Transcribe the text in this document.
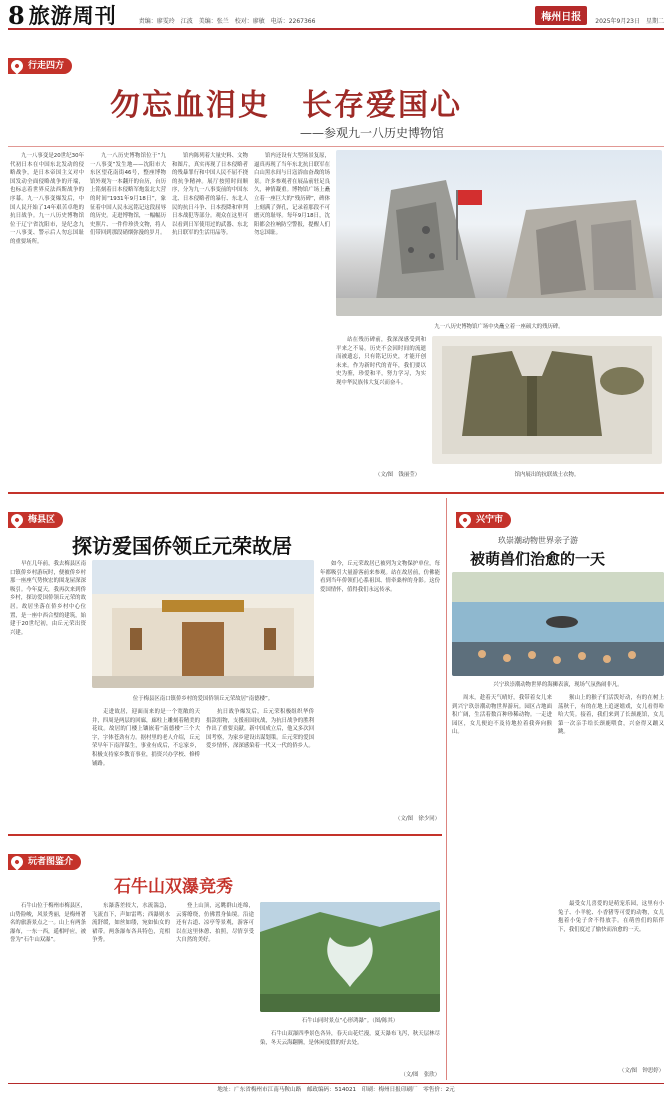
8 旅游周刊	责编：廖雯玲　江波　美编：张兰　校对：廖敏　电话：2267366	梅州日报	2025年9月23日　星期二
行走四方
勿忘血泪史　长存爱国心
——参观九一八历史博物馆
九一八事变是20世纪30年代初日本在中国东北发动的侵略战争，是日本帝国主义对中国发动全面侵略战争的开端，也标志着世界反法西斯战争的序幕。九一八事变爆发后，中国人民开始了14年艰苦卓绝的抗日战争。九一八历史博物馆位于辽宁省沈阳市，是纪念九一八事变、警示后人勿忘国耻的重要场所。
九一八历史博物馆位于“九一八事变”发生地——沈阳市大东区望花南街46号，整座博物馆外观为一本翻开的台历，台历上铭刻着日本侵略军炮轰北大营的时间“1931年9月18日”，象征着中国人民永远铭记这段屈辱的历史。走进博物馆，一幅幅历史照片、一件件珍贵文物，将人们带回到那段硝烟弥漫的岁月。
馆内陈列着大量史料、文物和图片，真实再现了日本侵略者的残暴罪行和中国人民不屈不挠的抗争精神。展厅按照时间顺序，分为九一八事变前的中国东北、日本侵略者的暴行、东北人民的抗日斗争、日本投降和审判日本战犯等部分。观众在这里可以看到日军使用过的武器、东北抗日联军的生活用品等。
馆内还设有大型场景复原，逼真再现了当年东北抗日联军在白山黑水间与日寇浴血奋战的场景。许多参观者在展品前驻足良久，神情凝重。博物馆广场上矗立着一座巨大的“残历碑”，碑体上刻满了弹孔，记录着那段不可磨灭的耻辱。每年9月18日，沈阳都会拉响防空警报，提醒人们勿忘国耻。
九一八历史博物馆广场中央矗立着一座硕大的残历碑。
站在残历碑前，我深深感受到和平来之不易。历史不会因时间的流逝而被遗忘，只有铭记历史，才能开创未来。作为新时代的青年，我们要以史为鉴，珍爱和平，努力学习，为实现中华民族伟大复兴而奋斗。
（文/图　钱丽莹）	馆内展出的抗联战士衣物。
梅县区
探访爱国侨领丘元荣故居
早在几年前，我去梅县区南口镇侨乡村游玩时，便被侨乡村那一座座气势恢宏的围龙屋深深吸引。今年夏天，我再次来到侨乡村，探访爱国侨领丘元荣的故居。故居坐落在侨乡村中心位置，是一座中西合璧的建筑，始建于20世纪初，由丘元荣出资兴建。
位于梅县区南口镇侨乡村的爱国侨领丘元荣故居“南德楼”。
走进故居，迎面而来的是一个宽敞的天井，四周是两层的回廊，廊柱上雕刻着精美的花纹。故居的门楼上镶嵌着“南德楼”三个大字，字体苍劲有力。据村里的老人介绍，丘元荣早年下南洋谋生，事业有成后，不忘家乡，积极支持家乡教育事业，捐资兴办学校、修桥铺路。
抗日战争爆发后，丘元荣积极组织华侨捐款捐物，支援祖国抗战，为抗日战争的胜利作出了重要贡献。新中国成立后，他又多次回国考察，为家乡建设出谋划策。丘元荣的爱国爱乡情怀，深深感染着一代又一代的侨乡人。
如今，丘元荣故居已被列为文物保护单位，每年都吸引大量游客前来参观。站在故居前，仿佛能看到当年侨领们心系祖国、情牵桑梓的身影。这份爱国情怀，值得我们永远传承。
（文/图　徐少同）
兴宁市
玖崇潮动物世界亲子游
被萌兽们治愈的一天
兴宁玖崇潮动物世界的海狮表演，现场气氛热闹非凡。
周末，趁着天气晴好，我带着女儿来到兴宁玖崇潮动物世界游玩。园区占地面积广阔，生活着数百种珍稀动物。一走进园区，女儿便迫不及待地拉着我奔向猴山。
猴山上的猴子们活泼好动，有的在树上荡秋千，有的在地上追逐嬉戏，女儿看得哈哈大笑。接着，我们来到了长颈鹿馆，女儿第一次亲手给长颈鹿喂食，兴奋得又蹦又跳。
最受女儿喜爱的是萌宠乐园，这里有小兔子、小羊驼、小香猪等可爱的动物，女儿抱着小兔子舍不得放手。在萌兽们的陪伴下，我们度过了愉快而治愈的一天。
（文/图　钟思婷）
玩者图鉴介
石牛山双瀑竞秀
石牛山位于梅州市梅县区，山势险峻，风景秀丽，是梅州著名的旅游景点之一。山上有两条瀑布，一东一西，遥相呼应，被誉为“石牛山双瀑”。
东瀑落差较大，水流湍急，飞流直下，声如雷鸣；西瀑则水流舒缓，如丝如缕，宛如仙女的裙带。两条瀑布各具特色，竞相争秀。
登上山顶，远眺群山连绵，云雾缭绕，仿佛置身仙境。沿途还有古道、凉亭等景观，游客可以在这里休憩、拍照，尽情享受大自然的美好。
石牛山同时景点“心形鸿瀑”。（图/陈其）
石牛山双瀑四季景色各异，春天山花烂漫，夏天瀑布飞泻，秋天层林尽染，冬天云海翻腾，是休闲度假的好去处。
（文/图　张欣）
地址：广东省梅州市江南马鞍山路　邮政编码：514021　印刷：梅州日报印刷厂　零售价：2元
